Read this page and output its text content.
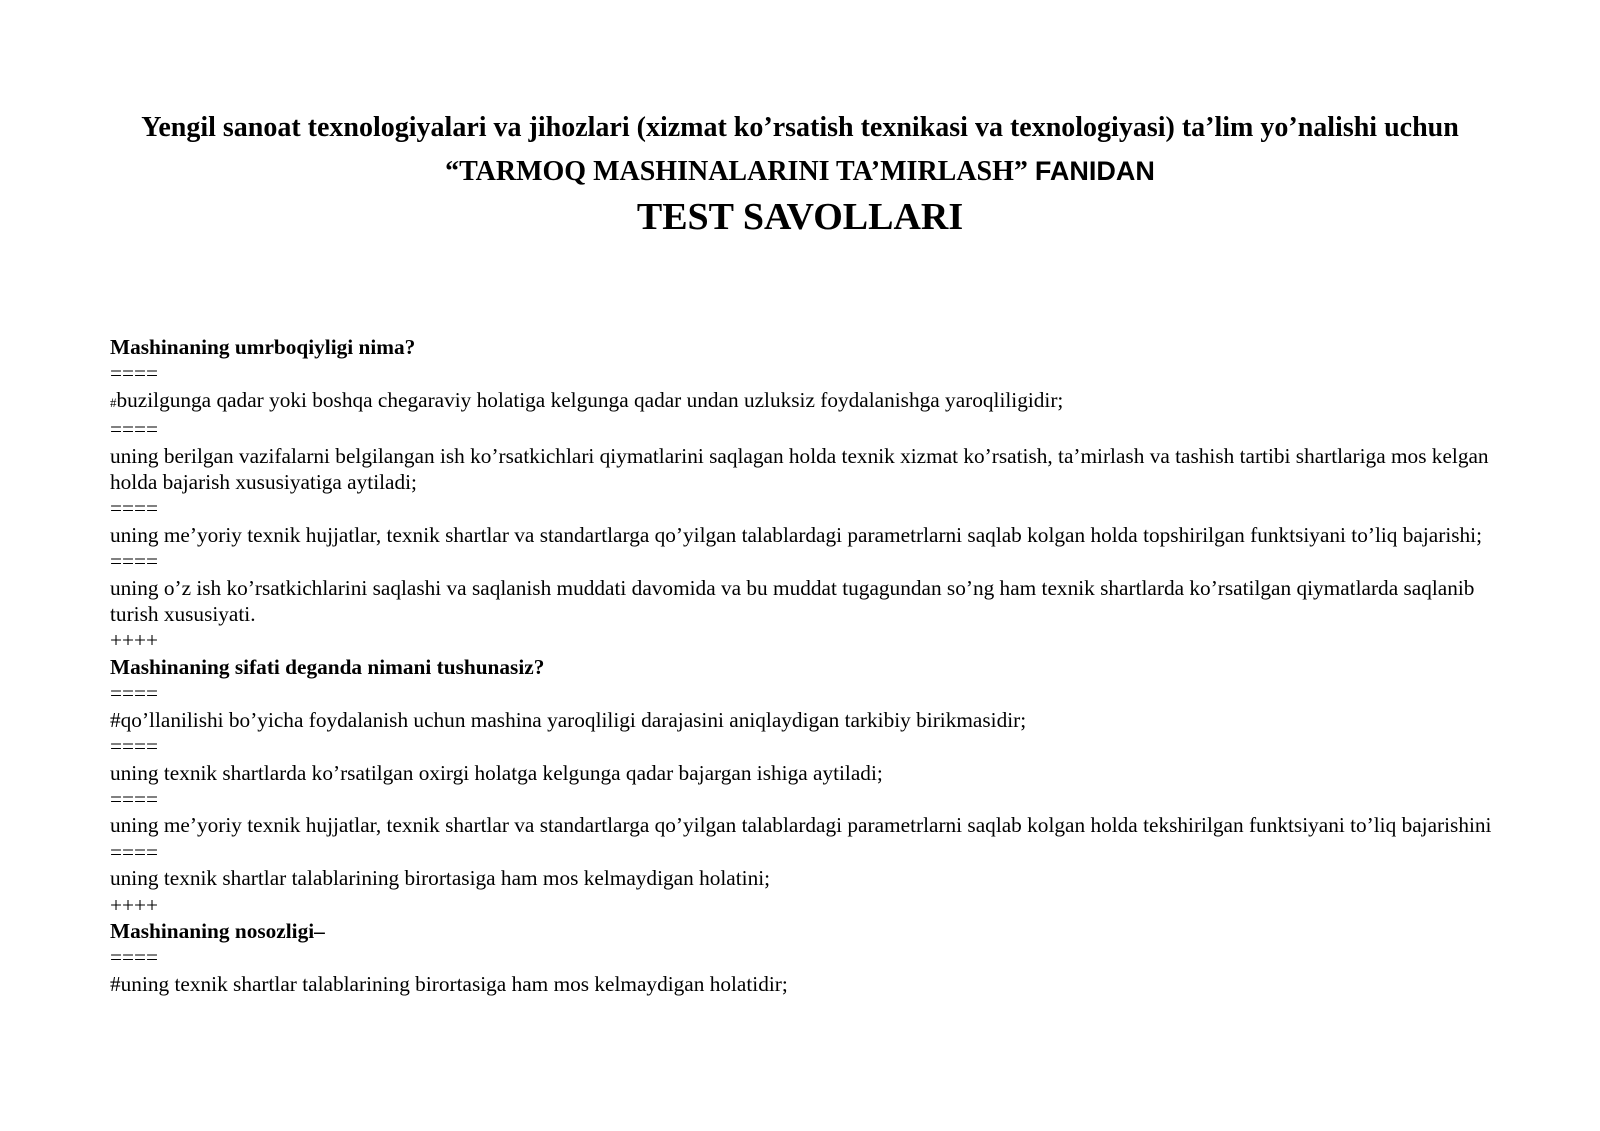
Yengil sanoat texnologiyalari va jihozlari (xizmat ko’rsatish texnikasi va texnologiyasi) ta’lim yo’nalishi uchun

“TARMOQ MASHINALARINI TA’MIRLASH” FANIDAN

TEST SAVOLLARI

Mashinaning umrboqiyligi nima?
====
#buzilgunga qadar yoki boshqa chegaraviy holatiga kelgunga qadar undan uzluksiz foydalanishga yaroqliligidir;
====
uning berilgan vazifalarni belgilangan ish ko’rsatkichlari qiymatlarini saqlagan holda texnik xizmat ko’rsatish, ta’mirlash va tashish tartibi shartlariga mos kelgan holda bajarish xususiyatiga aytiladi;
====
uning me’yoriy texnik hujjatlar, texnik shartlar va standartlarga qo’yilgan talablardagi parametrlarni saqlab kolgan holda topshirilgan funktsiyani to’liq bajarishi;
====
uning o’z ish ko’rsatkichlarini saqlashi va saqlanish muddati davomida va bu muddat tugagundan so’ng ham texnik shartlarda ko’rsatilgan qiymatlarda saqlanib turish xususiyati.
++++
Mashinaning sifati deganda nimani tushunasiz?
====
#qo’llanilishi bo’yicha foydalanish uchun mashina yaroqliligi darajasini aniqlaydigan tarkibiy birikmasidir;
====
uning texnik shartlarda ko’rsatilgan oxirgi holatga kelgunga qadar bajargan ishiga aytiladi;
====
uning me’yoriy texnik hujjatlar, texnik shartlar va standartlarga qo’yilgan talablardagi parametrlarni saqlab kolgan holda tekshirilgan funktsiyani to’liq bajarishini
====
uning texnik shartlar talablarining birortasiga ham mos kelmaydigan holatini;
++++
Mashinaning nosozligi–
====
#uning texnik shartlar talablarining birortasiga ham mos kelmaydigan holatidir;
